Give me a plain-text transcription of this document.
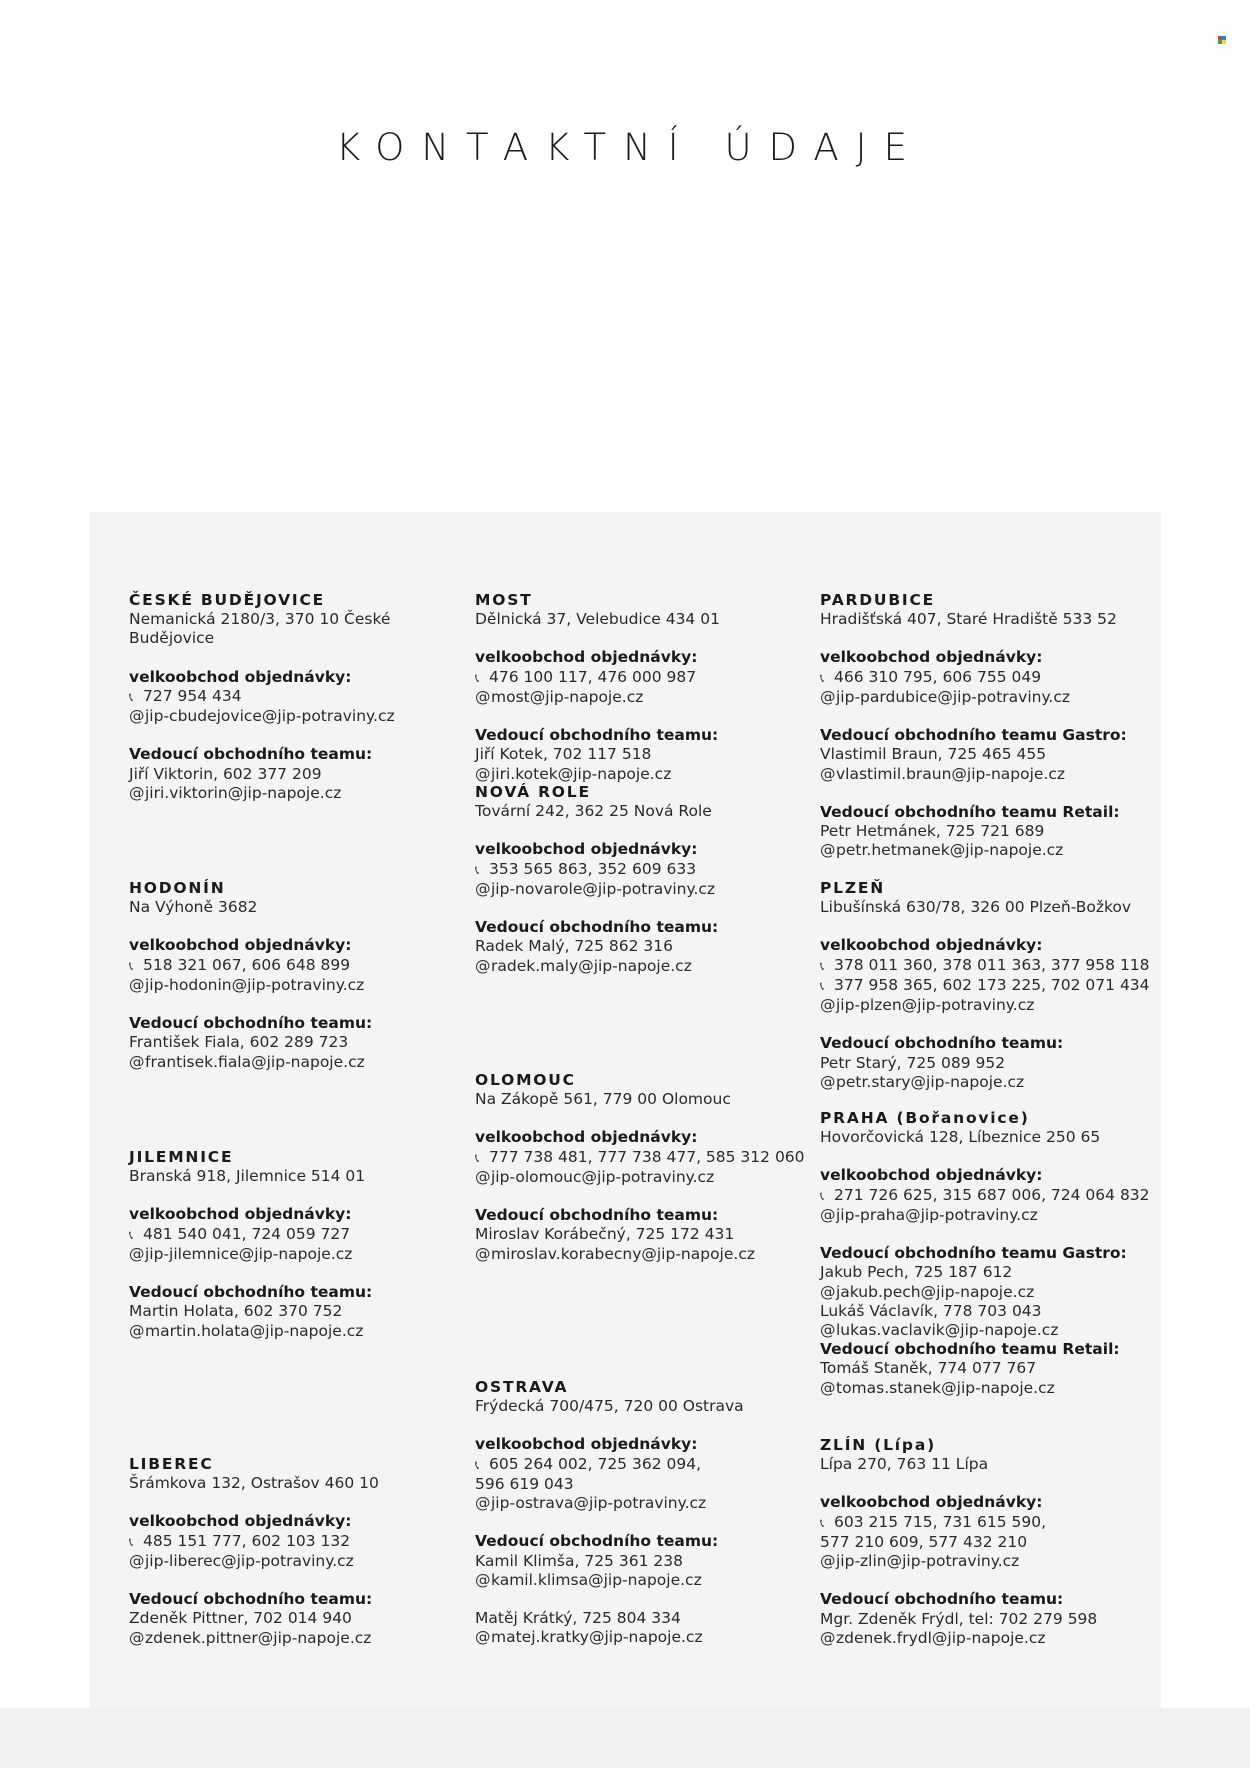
KONTAKTNÍ ÚDAJE

ČESKÉ BUDĚJOVICE

Nemanická 2180/3, 370 10 České Budějovice

velkoobchod objednávky:

📞︎ 727 954 434

@jip-cbudejovice@jip-potraviny.cz

Vedoucí obchodního teamu:

Jiří Viktorin, 602 377 209

@jiri.viktorin@jip-napoje.cz

HODONÍN

Na Výhoně 3682

velkoobchod objednávky:

📞︎ 518 321 067, 606 648 899

@jip-hodonin@jip-potraviny.cz

Vedoucí obchodního teamu:

František Fiala, 602 289 723

@frantisek.fiala@jip-napoje.cz

JILEMNICE

Branská 918, Jilemnice 514 01

velkoobchod objednávky:

📞︎ 481 540 041, 724 059 727

@jip-jilemnice@jip-napoje.cz

Vedoucí obchodního teamu:

Martin Holata, 602 370 752

@martin.holata@jip-napoje.cz

LIBEREC

Šrámkova 132, Ostrašov 460 10

velkoobchod objednávky:

📞︎ 485 151 777, 602 103 132

@jip-liberec@jip-potraviny.cz

Vedoucí obchodního teamu:

Zdeněk Pittner, 702 014 940

@zdenek.pittner@jip-napoje.cz

MOST

Dělnická 37, Velebudice 434 01

velkoobchod objednávky:

📞︎ 476 100 117, 476 000 987

@most@jip-napoje.cz

Vedoucí obchodního teamu:

Jiří Kotek, 702 117 518

@jiri.kotek@jip-napoje.cz

NOVÁ ROLE

Tovární 242, 362 25 Nová Role

velkoobchod objednávky:

📞︎ 353 565 863, 352 609 633

@jip-novarole@jip-potraviny.cz

Vedoucí obchodního teamu:

Radek Malý, 725 862 316

@radek.maly@jip-napoje.cz

OLOMOUC

Na Zákopě 561, 779 00 Olomouc

velkoobchod objednávky:

📞︎ 777 738 481, 777 738 477, 585 312 060

@jip-olomouc@jip-potraviny.cz

Vedoucí obchodního teamu:

Miroslav Korábečný, 725 172 431

@miroslav.korabecny@jip-napoje.cz

OSTRAVA

Frýdecká 700/475, 720 00 Ostrava

velkoobchod objednávky:

📞︎ 605 264 002, 725 362 094,

596 619 043

@jip-ostrava@jip-potraviny.cz

Vedoucí obchodního teamu:

Kamil Klimša, 725 361 238

@kamil.klimsa@jip-napoje.cz

Matěj Krátký, 725 804 334

@matej.kratky@jip-napoje.cz

PARDUBICE

Hradišťská 407, Staré Hradiště 533 52

velkoobchod objednávky:

📞︎ 466 310 795, 606 755 049

@jip-pardubice@jip-potraviny.cz

Vedoucí obchodního teamu Gastro:

Vlastimil Braun, 725 465 455

@vlastimil.braun@jip-napoje.cz

Vedoucí obchodního teamu Retail:

Petr Hetmánek, 725 721 689

@petr.hetmanek@jip-napoje.cz

PLZEŇ

Libušínská 630/78, 326 00 Plzeň-Božkov

velkoobchod objednávky:

📞︎ 378 011 360, 378 011 363, 377 958 118

📞︎ 377 958 365, 602 173 225, 702 071 434

@jip-plzen@jip-potraviny.cz

Vedoucí obchodního teamu:

Petr Starý, 725 089 952

@petr.stary@jip-napoje.cz

PRAHA (Bořanovice)

Hovorčovická 128, Líbeznice 250 65

velkoobchod objednávky:

📞︎ 271 726 625, 315 687 006, 724 064 832

@jip-praha@jip-potraviny.cz

Vedoucí obchodního teamu Gastro:

Jakub Pech, 725 187 612

@jakub.pech@jip-napoje.cz

Lukáš Václavík, 778 703 043

@lukas.vaclavik@jip-napoje.cz

Vedoucí obchodního teamu Retail:

Tomáš Staněk, 774 077 767

@tomas.stanek@jip-napoje.cz

ZLÍN (Lípa)

Lípa 270, 763 11 Lípa

velkoobchod objednávky:

📞︎ 603 215 715, 731 615 590,

577 210 609, 577 432 210

@jip-zlin@jip-potraviny.cz

Vedoucí obchodního teamu:

Mgr. Zdeněk Frýdl, tel: 702 279 598

@zdenek.frydl@jip-napoje.cz
